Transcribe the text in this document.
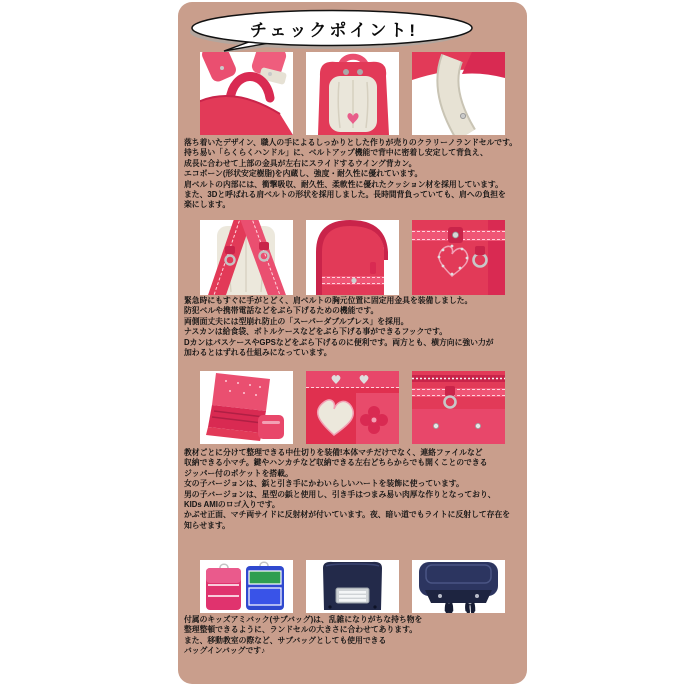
チェックポイント!
落ち着いたデザイン、職人の手によるしっかりとした作りが売りのクラリーノランドセルです。
持ち易い「らくらくハンドル」に、ベルトアップ機能で背中に密着し安定して背負え、
成長に合わせて上部の金具が左右にスライドするウイング背カン。
エコボーン(形状安定樹脂)を内蔵し、強度・耐久性に優れています。
肩ベルトの内部には、衝撃吸収、耐久性、柔軟性に優れたクッション材を採用しています。
また、3Dと呼ばれる肩ベルトの形状を採用しました。長時間背負っていても、肩への負担を
楽にします。
緊急時にもすぐに手がとどく、肩ベルトの胸元位置に固定用金具を装備しました。
防犯ベルや携帯電話などをぶら下げるための機能です。
両側面丈夫には型崩れ防止の「スーパーダブルブレス」を採用。
ナスカンは給食袋、ボトルケースなどをぶら下げる事ができるフックです。
DカンはパスケースやGPSなどをぶら下げるのに便利です。両方とも、横方向に強い力が
加わるとはずれる仕組みになっています。
教材ごとに分けて整理できる中仕切りを装備!本体マチだけでなく、連絡ファイルなど
収納できる小マチ。鍵やハンカチなど収納できる左右どちらからでも開くことのできる
ジッパー付のポケットを搭載。
女の子バージョンは、鋲と引き手にかわいらしいハートを装飾に使っています。
男の子バージョンは、星型の鋲と使用し、引き手はつまみ易い肉厚な作りとなっており、
KIDs AMIのロゴ入りです。
かぶせ正面、マチ両サイドに反射材が付いています。夜、暗い道でもライトに反射して存在を
知らせます。
付属のキッズアミバック(サブバッグ)は、乱雑になりがちな持ち物を
整理整頓できるように、ランドセルの大きさに合わせてあります。
また、移動教室の際など、サブバッグとしても使用できる
バッグインバッグです♪
